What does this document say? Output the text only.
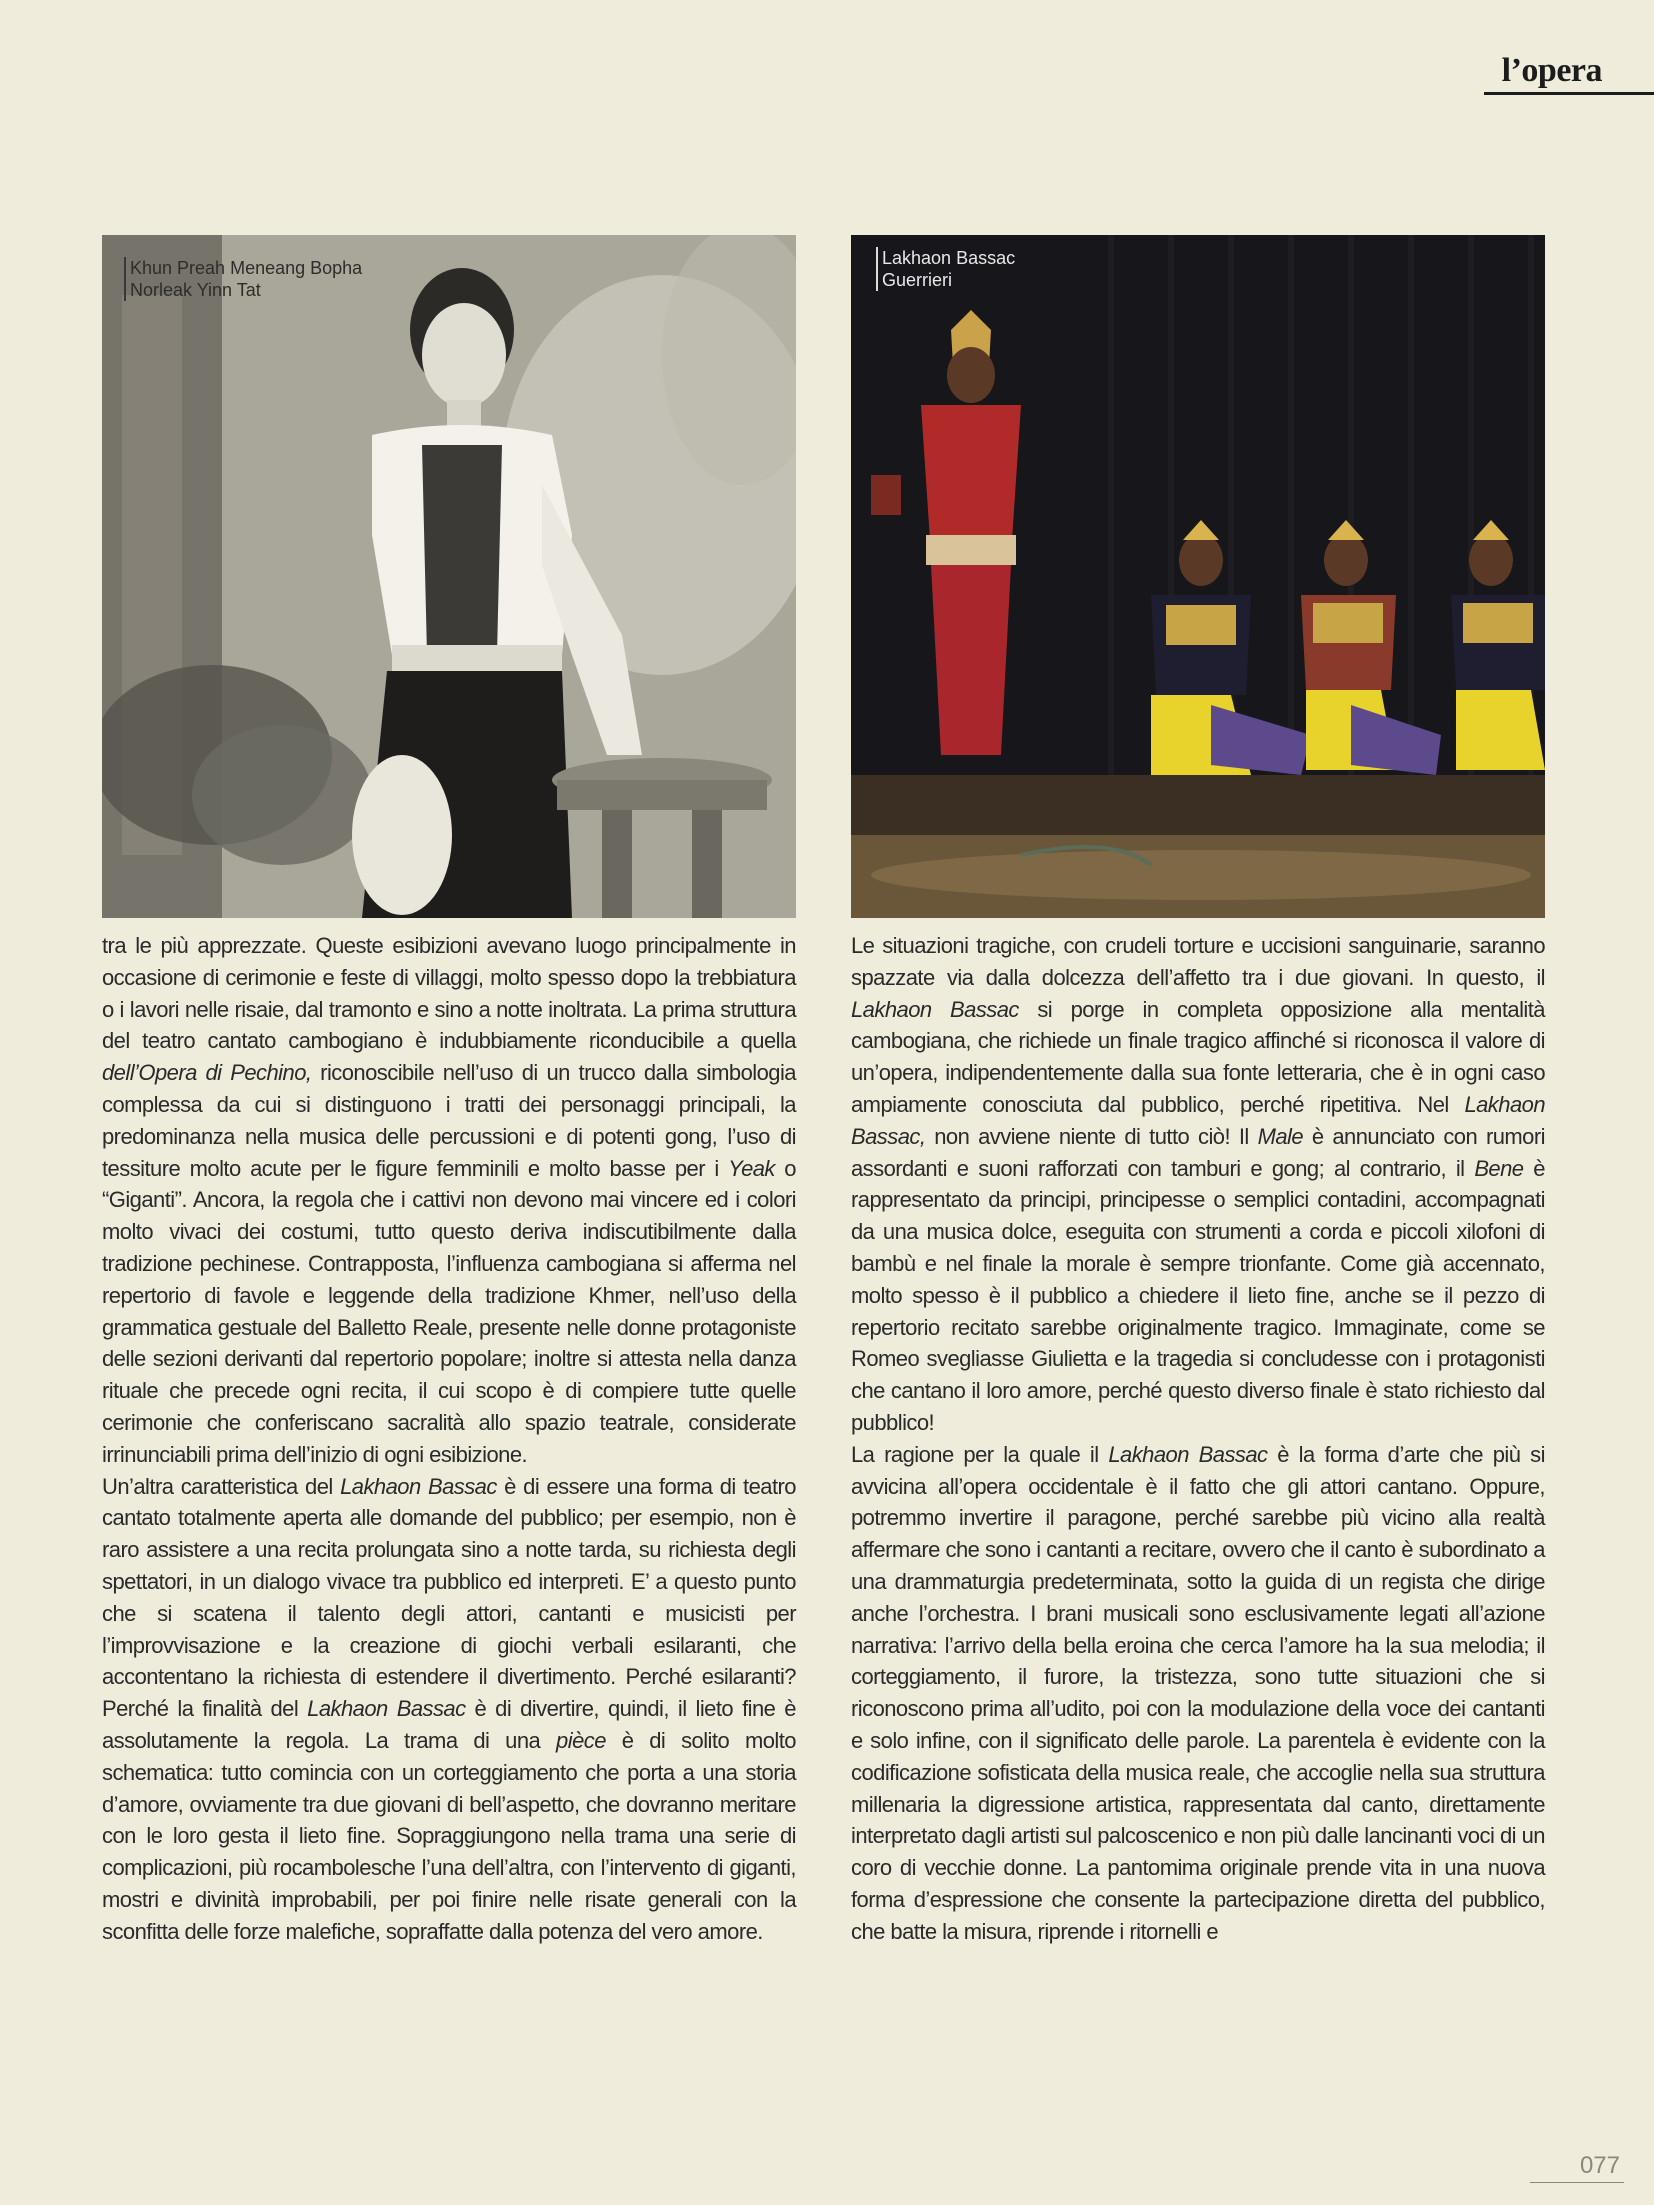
l’opera
Khun Preah Meneang Bopha
Norleak Yinn Tat
Lakhaon Bassac
Guerrieri

tra le più apprezzate. Queste esibizioni avevano luogo principalmente in occasione di cerimonie e feste di villaggi, molto spesso dopo la trebbiatura o i lavori nelle risaie, dal tramonto e sino a notte inoltrata. La prima struttura del teatro cantato cambogiano è indubbiamente riconducibile a quella dell’Opera di Pechino, riconoscibile nell’uso di un trucco dalla simbologia complessa da cui si distinguono i tratti dei personaggi principali, la predominanza nella musica delle percussioni e di potenti gong, l’uso di tessiture molto acute per le figure femminili e molto basse per i Yeak o “Giganti”. Ancora, la regola che i cattivi non devono mai vincere ed i colori molto vivaci dei costumi, tutto questo deriva indiscutibilmente dalla tradizione pechinese. Contrapposta, l’influenza cambogiana si afferma nel repertorio di favole e leggende della tradizione Khmer, nell’uso della grammatica gestuale del Balletto Reale, presente nelle donne protagoniste delle sezioni derivanti dal repertorio popolare; inoltre si attesta nella danza rituale che precede ogni recita, il cui scopo è di compiere tutte quelle cerimonie che conferiscano sacralità allo spazio teatrale, considerate irrinunciabili prima dell’inizio di ogni esibizione.

Un’altra caratteristica del Lakhaon Bassac è di essere una forma di teatro cantato totalmente aperta alle domande del pubblico; per esempio, non è raro assistere a una recita prolungata sino a notte tarda, su richiesta degli spettatori, in un dialogo vivace tra pubblico ed interpreti. E’ a questo punto che si scatena il talento degli attori, cantanti e musicisti per l’improvvisazione e la creazione di giochi verbali esilaranti, che accontentano la richiesta di estendere il divertimento. Perché esilaranti? Perché la finalità del Lakhaon Bassac è di divertire, quindi, il lieto fine è assolutamente la regola. La trama di una pièce è di solito molto schematica: tutto comincia con un corteggiamento che porta a una storia d’amore, ovviamente tra due giovani di bell’aspetto, che dovranno meritare con le loro gesta il lieto fine. Sopraggiungono nella trama una serie di complicazioni, più rocambolesche l’una dell’altra, con l’intervento di giganti, mostri e divinità improbabili, per poi finire nelle risate generali con la sconfitta delle forze malefiche, sopraffatte dalla potenza del vero amore.

Le situazioni tragiche, con crudeli torture e uccisioni sanguinarie, saranno spazzate via dalla dolcezza dell’affetto tra i due giovani. In questo, il Lakhaon Bassac si porge in completa opposizione alla mentalità cambogiana, che richiede un finale tragico affinché si riconosca il valore di un’opera, indipendentemente dalla sua fonte letteraria, che è in ogni caso ampiamente conosciuta dal pubblico, perché ripetitiva. Nel Lakhaon Bassac, non avviene niente di tutto ciò! Il Male è annunciato con rumori assordanti e suoni rafforzati con tamburi e gong; al contrario, il Bene è rappresentato da principi, principesse o semplici contadini, accompagnati da una musica dolce, eseguita con strumenti a corda e piccoli xilofoni di bambù e nel finale la morale è sempre trionfante. Come già accennato, molto spesso è il pubblico a chiedere il lieto fine, anche se il pezzo di repertorio recitato sarebbe originalmente tragico. Immaginate, come se Romeo svegliasse Giulietta e la tragedia si concludesse con i protagonisti che cantano il loro amore, perché questo diverso finale è stato richiesto dal pubblico!

La ragione per la quale il Lakhaon Bassac è la forma d’arte che più si avvicina all’opera occidentale è il fatto che gli attori cantano. Oppure, potremmo invertire il paragone, perché sarebbe più vicino alla realtà affermare che sono i cantanti a recitare, ovvero che il canto è subordinato a una drammaturgia predeterminata, sotto la guida di un regista che dirige anche l’orchestra. I brani musicali sono esclusivamente legati all’azione narrativa: l’arrivo della bella eroina che cerca l’amore ha la sua melodia; il corteggiamento, il furore, la tristezza, sono tutte situazioni che si riconoscono prima all’udito, poi con la modulazione della voce dei cantanti e solo infine, con il significato delle parole. La parentela è evidente con la codificazione sofisticata della musica reale, che accoglie nella sua struttura millenaria la digressione artistica, rappresentata dal canto, direttamente interpretato dagli artisti sul palcoscenico e non più dalle lancinanti voci di un coro di vecchie donne. La pantomima originale prende vita in una nuova forma d’espressione che consente la partecipazione diretta del pubblico, che batte la misura, riprende i ritornelli e

077
